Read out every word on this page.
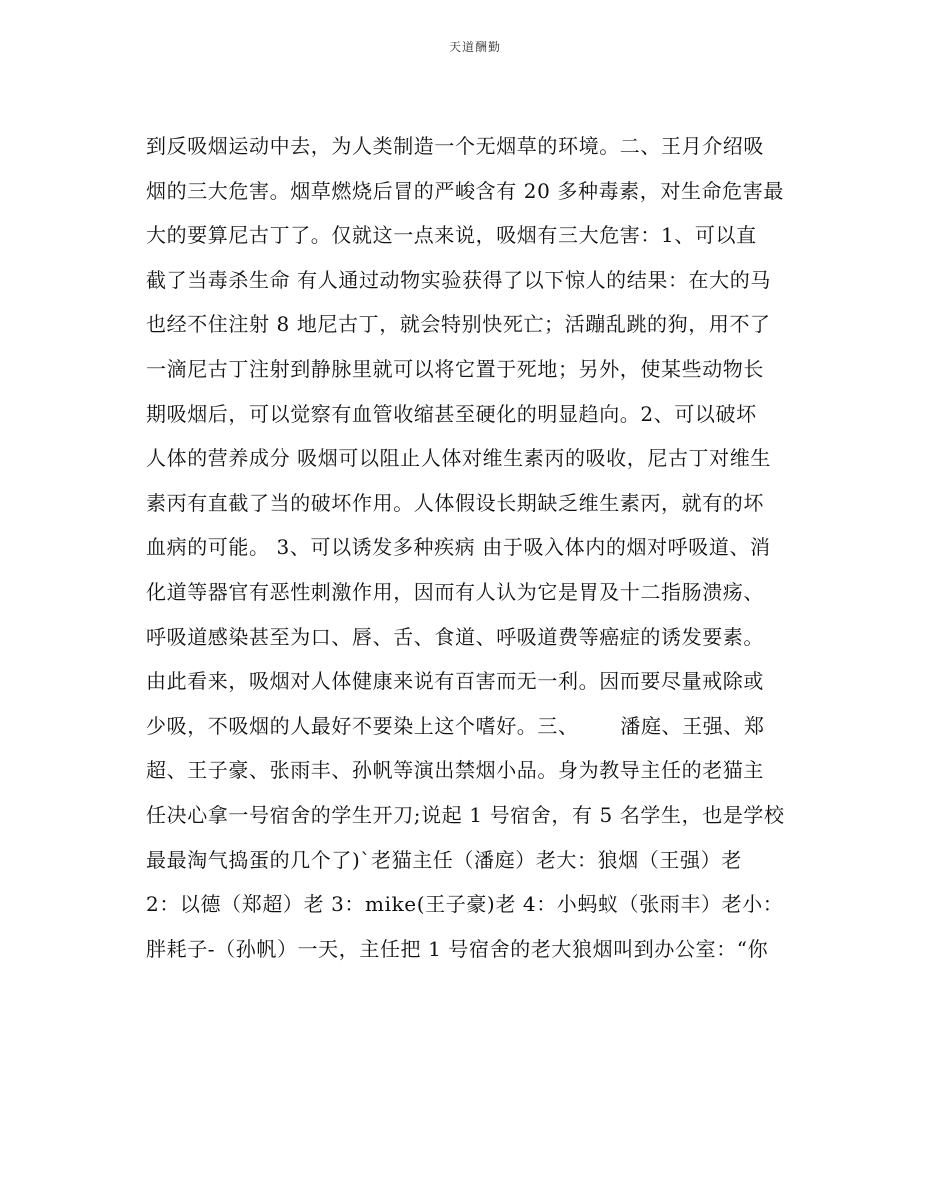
天道酬勤
到反吸烟运动中去，为人类制造一个无烟草的环境。二、王月介绍吸
烟的三大危害。烟草燃烧后冒的严峻含有 20 多种毒素，对生命危害最
大的要算尼古丁了。仅就这一点来说，吸烟有三大危害：1、可以直
截了当毒杀生命 有人通过动物实验获得了以下惊人的结果：在大的马
也经不住注射 8 地尼古丁，就会特别快死亡；活蹦乱跳的狗，用不了
一滴尼古丁注射到静脉里就可以将它置于死地；另外，使某些动物长
期吸烟后，可以觉察有血管收缩甚至硬化的明显趋向。2、可以破坏
人体的营养成分 吸烟可以阻止人体对维生素丙的吸收，尼古丁对维生
素丙有直截了当的破坏作用。人体假设长期缺乏维生素丙，就有的坏
血病的可能。 3、可以诱发多种疾病 由于吸入体内的烟对呼吸道、消
化道等器官有恶性刺激作用，因而有人认为它是胃及十二指肠溃疡、
呼吸道感染甚至为口、唇、舌、食道、呼吸道费等癌症的诱发要素。
由此看来，吸烟对人体健康来说有百害而无一利。因而要尽量戒除或
少吸，不吸烟的人最好不要染上这个嗜好。三、      潘庭、王强、郑
超、王子豪、张雨丰、孙帆等演出禁烟小品。身为教导主任的老猫主
任决心拿一号宿舍的学生开刀;说起 1 号宿舍，有 5 名学生，也是学校
最最淘气捣蛋的几个了)`老猫主任（潘庭）老大：狼烟（王强）老
2：以德（郑超）老 3：mike(王子豪)老 4：小蚂蚁（张雨丰）老小：
胖耗子-（孙帆）一天，主任把 1 号宿舍的老大狼烟叫到办公室：“你
